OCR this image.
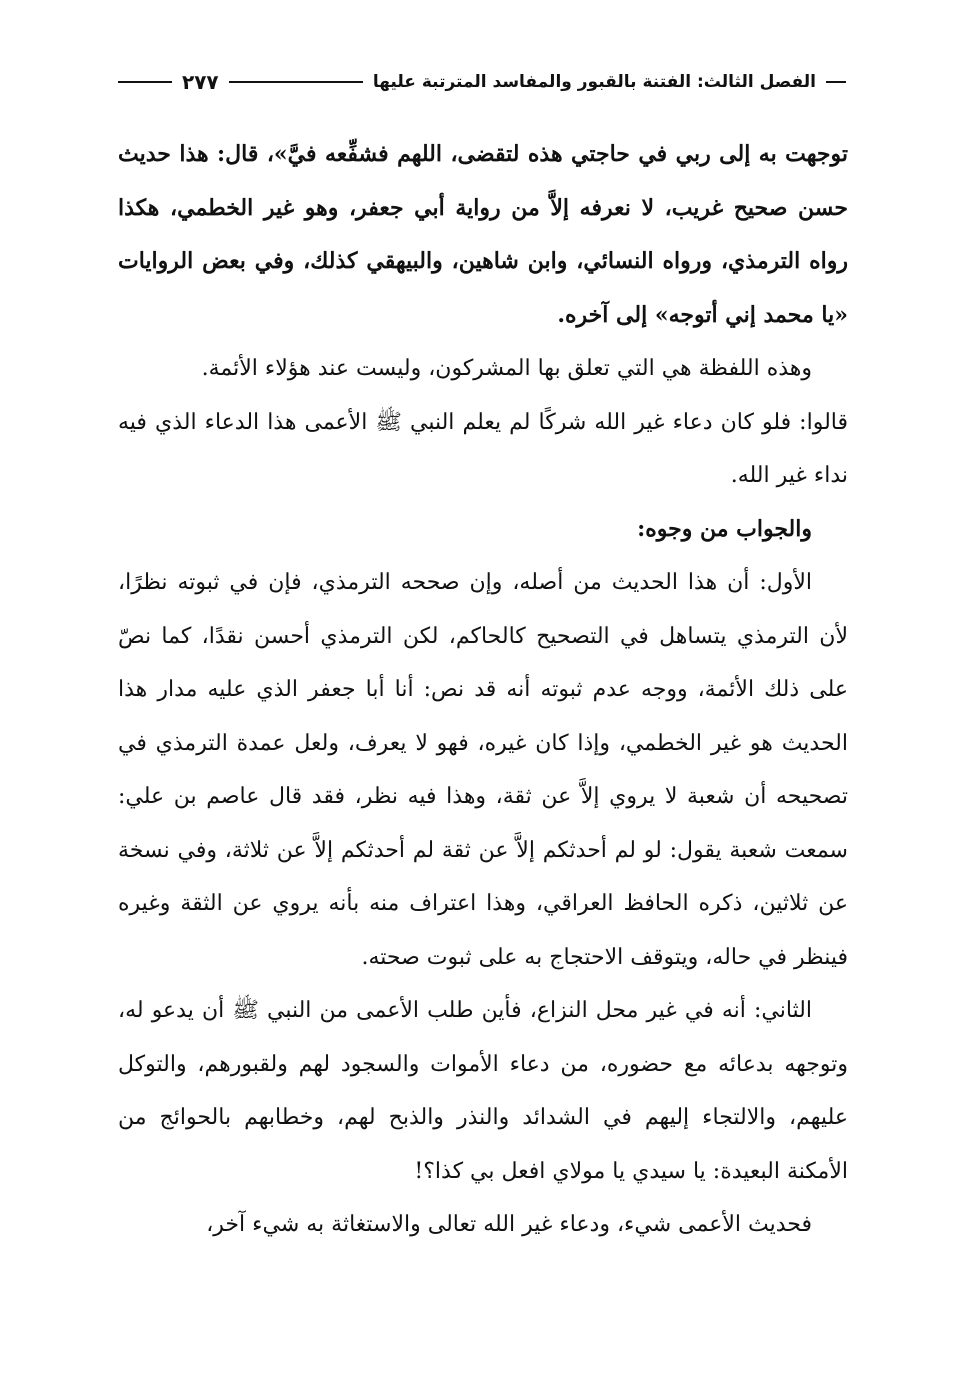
الفصل الثالث: الفتنة بالقبور والمفاسد المترتبة عليها
٢٧٧

توجهت به إلى ربي في حاجتي هذه لتقضى، اللهم فشفِّعه فيَّ»، قال: هذا حديث حسن صحيح غريب، لا نعرفه إلاَّ من رواية أبي جعفر، وهو غير الخطمي، هكذا رواه الترمذي، ورواه النسائي، وابن شاهين، والبيهقي كذلك، وفي بعض الروايات «يا محمد إني أتوجه» إلى آخره.

وهذه اللفظة هي التي تعلق بها المشركون، وليست عند هؤلاء الأئمة.

قالوا: فلو كان دعاء غير الله شركًا لم يعلم النبي ﷺ الأعمى هذا الدعاء الذي فيه نداء غير الله.

والجواب من وجوه:

الأول: أن هذا الحديث من أصله، وإن صححه الترمذي، فإن في ثبوته نظرًا، لأن الترمذي يتساهل في التصحيح كالحاكم، لكن الترمذي أحسن نقدًا، كما نصّ على ذلك الأئمة، ووجه عدم ثبوته أنه قد نص: أنا أبا جعفر الذي عليه مدار هذا الحديث هو غير الخطمي، وإذا كان غيره، فهو لا يعرف، ولعل عمدة الترمذي في تصحيحه أن شعبة لا يروي إلاَّ عن ثقة، وهذا فيه نظر، فقد قال عاصم بن علي: سمعت شعبة يقول: لو لم أحدثكم إلاَّ عن ثقة لم أحدثكم إلاَّ عن ثلاثة، وفي نسخة عن ثلاثين، ذكره الحافظ العراقي، وهذا اعتراف منه بأنه يروي عن الثقة وغيره فينظر في حاله، ويتوقف الاحتجاج به على ثبوت صحته.

الثاني: أنه في غير محل النزاع، فأين طلب الأعمى من النبي ﷺ أن يدعو له، وتوجهه بدعائه مع حضوره، من دعاء الأموات والسجود لهم ولقبورهم، والتوكل عليهم، والالتجاء إليهم في الشدائد والنذر والذبح لهم، وخطابهم بالحوائج من الأمكنة البعيدة: يا سيدي يا مولاي افعل بي كذا؟!

فحديث الأعمى شيء، ودعاء غير الله تعالى والاستغاثة به شيء آخر،
